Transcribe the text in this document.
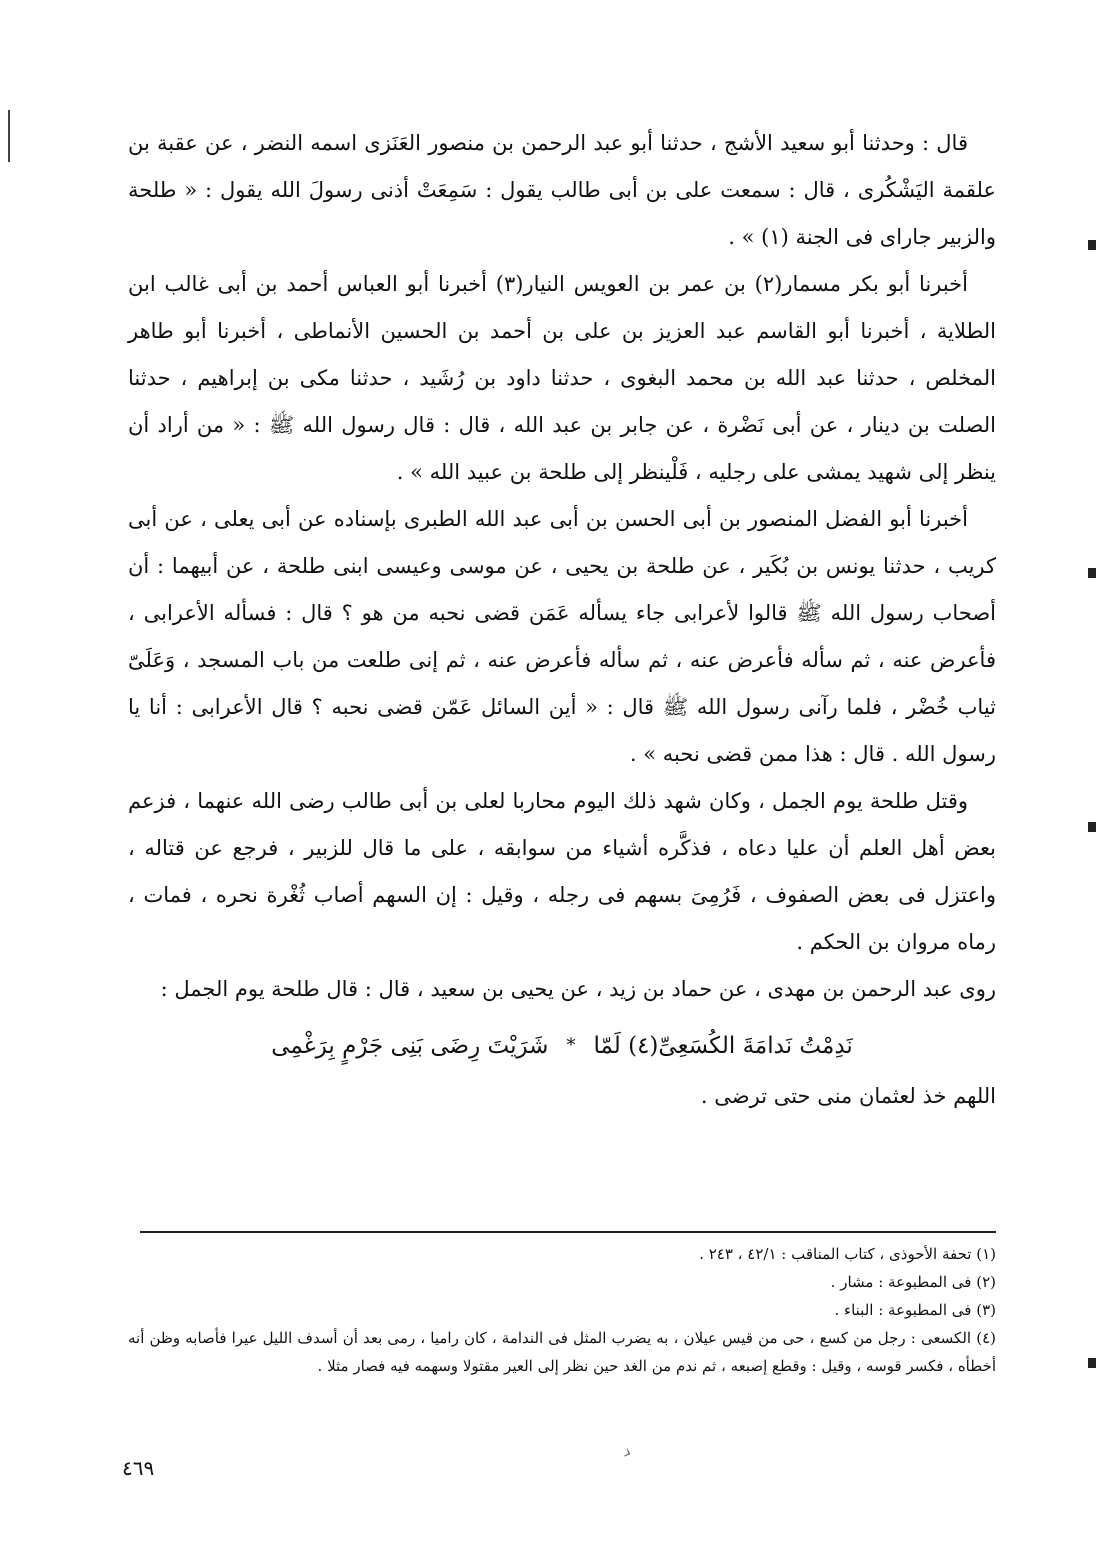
قال : وحدثنا أبو سعيد الأشج ، حدثنا أبو عبد الرحمن بن منصور العَنَزى اسمه النضر ، عن عقبة بن علقمة اليَشْكُرى ، قال : سمعت على بن أبى طالب يقول : سَمِعَتْ أذنى رسولَ الله يقول : « طلحة والزبير جاراى فى الجنة (١) » .

أخبرنا أبو بكر مسمار(٢) بن عمر بن العويس النيار(٣) أخبرنا أبو العباس أحمد بن أبى غالب ابن الطلاية ، أخبرنا أبو القاسم عبد العزيز بن على بن أحمد بن الحسين الأنماطى ، أخبرنا أبو طاهر المخلص ، حدثنا عبد الله بن محمد البغوى ، حدثنا داود بن رُشَيد ، حدثنا مكى بن إبراهيم ، حدثنا الصلت بن دينار ، عن أبى نَضْرة ، عن جابر بن عبد الله ، قال : قال رسول الله ﷺ : « من أراد أن ينظر إلى شهيد يمشى على رجليه ، فَلْينظر إلى طلحة بن عبيد الله » .

أخبرنا أبو الفضل المنصور بن أبى الحسن بن أبى عبد الله الطبرى بإسناده عن أبى يعلى ، عن أبى كريب ، حدثنا يونس بن بُكَير ، عن طلحة بن يحيى ، عن موسى وعيسى ابنى طلحة ، عن أبيهما : أن أصحاب رسول الله ﷺ قالوا لأعرابى جاء يسأله عَمَن قضى نحبه من هو ؟ قال : فسأله الأعرابى ، فأعرض عنه ، ثم سأله فأعرض عنه ، ثم سأله فأعرض عنه ، ثم إنى طلعت من باب المسجد ، وَعَلَىّ ثياب خُضْر ، فلما رآنى رسول الله ﷺ قال : « أين السائل عَمّن قضى نحبه ؟ قال الأعرابى : أنا يا رسول الله . قال : هذا ممن قضى نحبه » .

وقتل طلحة يوم الجمل ، وكان شهد ذلك اليوم محاربا لعلى بن أبى طالب رضى الله عنهما ، فزعم بعض أهل العلم أن عليا دعاه ، فذكَّره أشياء من سوابقه ، على ما قال للزبير ، فرجع عن قتاله ، واعتزل فى بعض الصفوف ، فَرُمِىَ بسهم فى رجله ، وقيل : إن السهم أصاب ثُغْرة نحره ، فمات ، رماه مروان بن الحكم .

روى عبد الرحمن بن مهدى ، عن حماد بن زيد ، عن يحيى بن سعيد ، قال : قال طلحة يوم الجمل :

نَدِمْتُ نَدامَةَ الكُسَعِىِّ(٤) لَمّا
*
شَرَيْتَ رِضَى بَنِى جَرْمٍ بِرَغْمِى
اللهم خذ لعثمان منى حتى ترضى .

(١) تحفة الأحوذى ، كتاب المناقب : ٤٢/١ ، ٢٤٣ .

(٢) فى المطبوعة : مشار .

(٣) فى المطبوعة : البناء .

(٤) الكسعى : رجل من كسع ، حى من قيس عيلان ، به يضرب المثل فى الندامة ، كان راميا ، رمى بعد أن أسدف الليل عيرا فأصابه وظن أنه أخطأه ، فكسر قوسه ، وقيل : وقطع إصبعه ، ثم ندم من الغد حين نظر إلى العير مقتولا وسهمه فيه فصار مثلا .

٤٦٩
›
